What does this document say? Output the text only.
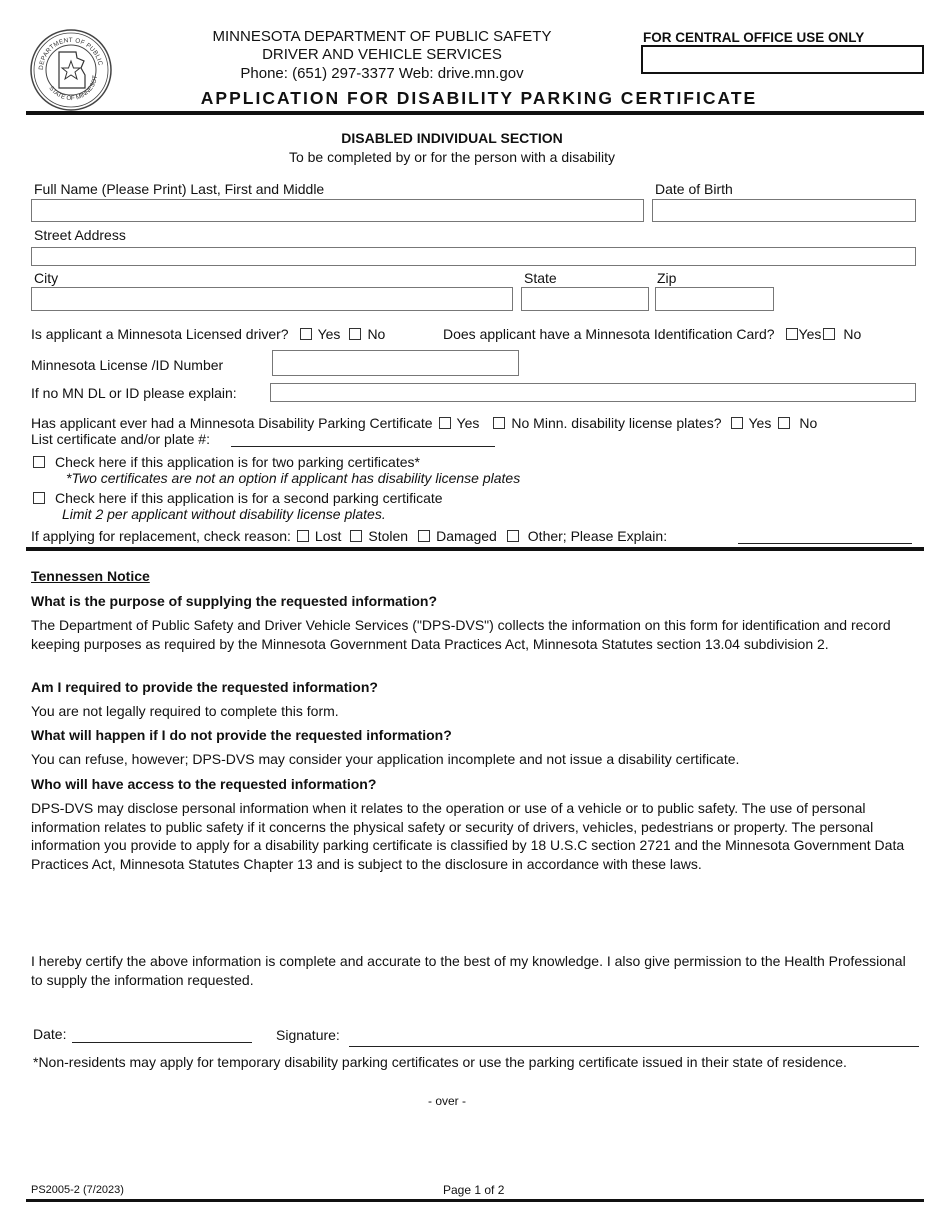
DEPARTMENT OF PUBLIC
STATE OF MINNESOT
MINNESOTA DEPARTMENT OF PUBLIC SAFETY
DRIVER AND VEHICLE SERVICES
Phone: (651) 297-3377 Web: drive.mn.gov
FOR CENTRAL OFFICE USE ONLY
APPLICATION FOR DISABILITY PARKING CERTIFICATE
DISABLED INDIVIDUAL SECTION
To be completed by or for the person with a disability
Full Name (Please Print) Last, First and Middle	Date of Birth
Street Address
City	State	Zip
Is applicant a Minnesota Licensed driver? Yes No	Does applicant have a Minnesota Identification Card? Yes No
Minnesota License /ID Number
If no MN DL or ID please explain:
Has applicant ever had a Minnesota Disability Parking Certificate Yes No Minn. disability license plates? Yes No
List certificate and/or plate #:
Check here if this application is for two parking certificates*
*Two certificates are not an option if applicant has disability license plates
Check here if this application is for a second parking certificate
Limit 2 per applicant without disability license plates.
If applying for replacement, check reason: Lost Stolen Damaged Other; Please Explain:
Tennessen Notice
What is the purpose of supplying the requested information?
The Department of Public Safety and Driver Vehicle Services ("DPS-DVS") collects the information on this form for identification and record keeping purposes as required by the Minnesota Government Data Practices Act, Minnesota Statutes section 13.04 subdivision 2.
Am I required to provide the requested information?
You are not legally required to complete this form.
What will happen if I do not provide the requested information?
You can refuse, however; DPS-DVS may consider your application incomplete and not issue a disability certificate.
Who will have access to the requested information?
DPS-DVS may disclose personal information when it relates to the operation or use of a vehicle or to public safety. The use of personal information relates to public safety if it concerns the physical safety or security of drivers, vehicles, pedestrians or property. The personal information you provide to apply for a disability parking certificate is classified by 18 U.S.C section 2721 and the Minnesota Government Data Practices Act, Minnesota Statutes Chapter 13 and is subject to the disclosure in accordance with these laws.
I hereby certify the above information is complete and accurate to the best of my knowledge. I also give permission to the Health Professional to supply the information requested.
Date:	Signature:
*Non-residents may apply for temporary disability parking certificates or use the parking certificate issued in their state of residence.
- over -
PS2005-2 (7/2023)	Page 1 of 2
